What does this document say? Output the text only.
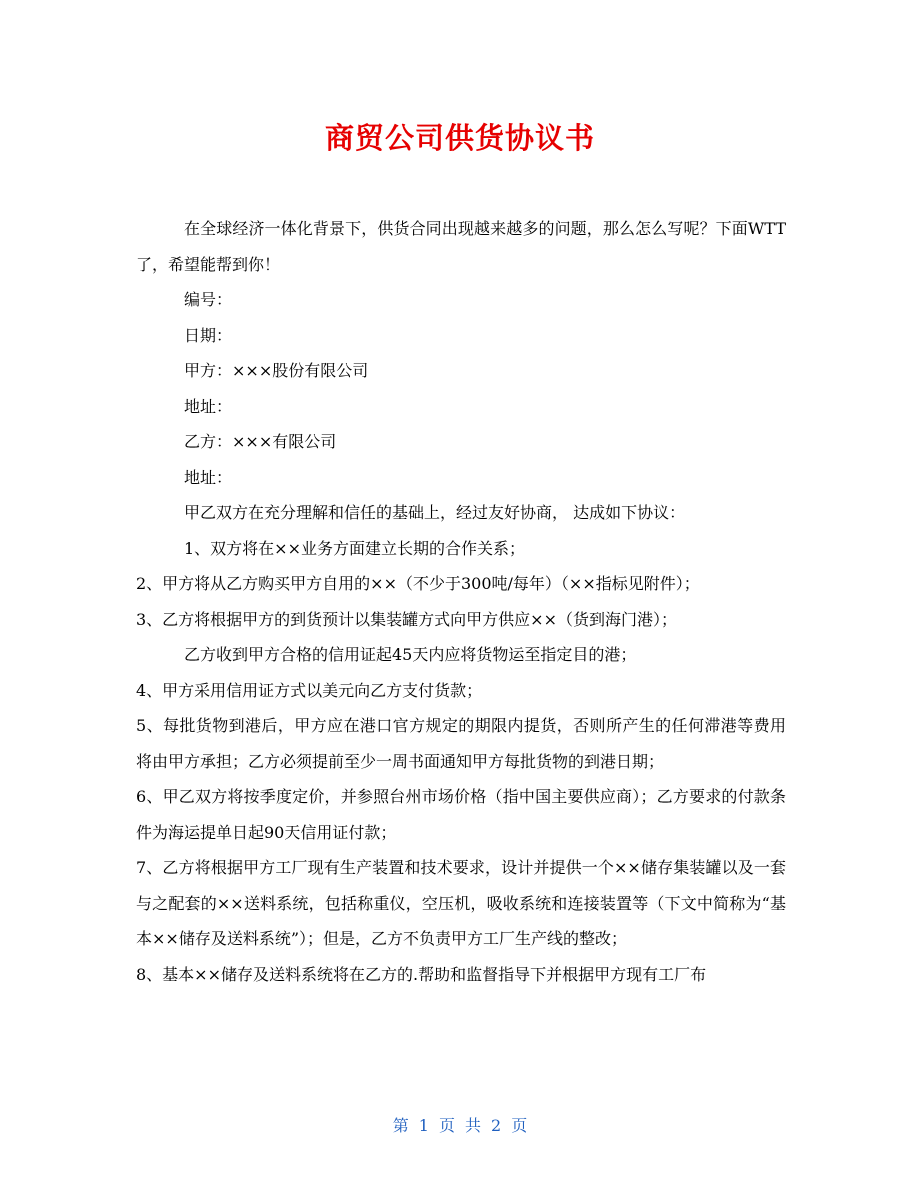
商贸公司供货协议书

在全球经济一体化背景下，供货合同出现越来越多的问题，那么怎么写呢？下面WTT了，希望能帮到你！

编号：

日期：

甲方：×××股份有限公司

地址：

乙方：×××有限公司

地址：

甲乙双方在充分理解和信任的基础上，经过友好协商， 达成如下协议：

1、双方将在××业务方面建立长期的合作关系；

2、甲方将从乙方购买甲方自用的××（不少于300吨/每年）（××指标见附件）；

3、乙方将根据甲方的到货预计以集装罐方式向甲方供应××（货到海门港）；

乙方收到甲方合格的信用证起45天内应将货物运至指定目的港；

4、甲方采用信用证方式以美元向乙方支付货款；

5、每批货物到港后，甲方应在港口官方规定的期限内提货，否则所产生的任何滞港等费用将由甲方承担；乙方必须提前至少一周书面通知甲方每批货物的到港日期；

6、甲乙双方将按季度定价，并参照台州市场价格（指中国主要供应商）；乙方要求的付款条件为海运提单日起90天信用证付款；

7、乙方将根据甲方工厂现有生产装置和技术要求，设计并提供一个××储存集装罐以及一套与之配套的××送料系统，包括称重仪，空压机，吸收系统和连接装置等（下文中简称为“基本××储存及送料系统”）；但是，乙方不负责甲方工厂生产线的整改；

8、基本××储存及送料系统将在乙方的.帮助和监督指导下并根据甲方现有工厂布

第 1 页 共 2 页
